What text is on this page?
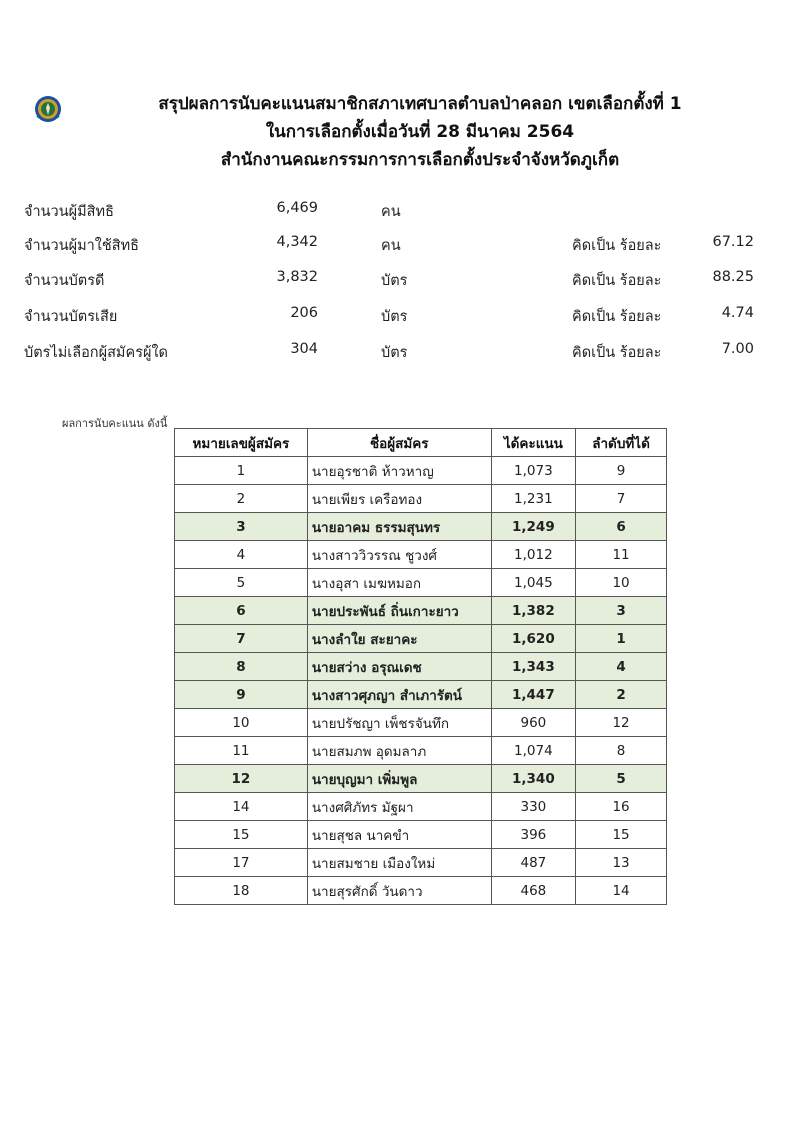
สรุปผลการนับคะแนนสมาชิกสภาเทศบาลตำบลป่าคลอก เขตเลือกตั้งที่ 1
ในการเลือกตั้งเมื่อวันที่ 28 มีนาคม 2564
สำนักงานคณะกรรมการการเลือกตั้งประจำจังหวัดภูเก็ต
จำนวนผู้มีสิทธิ	6,469	คน
จำนวนผู้มาใช้สิทธิ	4,342	คน	คิดเป็น ร้อยละ	67.12
จำนวนบัตรดี	3,832	บัตร	คิดเป็น ร้อยละ	88.25
จำนวนบัตรเสีย	206	บัตร	คิดเป็น ร้อยละ	4.74
บัตรไม่เลือกผู้สมัครผู้ใด	304	บัตร	คิดเป็น ร้อยละ	7.00
ผลการนับคะแนน ดังนี้
หมายเลขผู้สมัคร	ชื่อผู้สมัคร	ได้คะแนน	ลำดับที่ได้
1	นายอุรชาติ ห้าวหาญ	1,073	9
2	นายเพียร เครือทอง	1,231	7
3	นายอาคม ธรรมสุนทร	1,249	6
4	นางสาววิวรรณ ชูวงศ์	1,012	11
5	นางอุสา เมฆหมอก	1,045	10
6	นายประพันธ์ ถิ่นเกาะยาว	1,382	3
7	นางลำใย สะยาคะ	1,620	1
8	นายสว่าง อรุณเดช	1,343	4
9	นางสาวศุภญา สำเภารัตน์	1,447	2
10	นายปรัชญา เพ็ชรจันทึก	960	12
11	นายสมภพ อุดมลาภ	1,074	8
12	นายบุญมา เพิ่มพูล	1,340	5
14	นางศศิภัทร มัฐผา	330	16
15	นายสุชล นาคขำ	396	15
17	นายสมชาย เมืองใหม่	487	13
18	นายสุรศักดิ์ วันดาว	468	14
